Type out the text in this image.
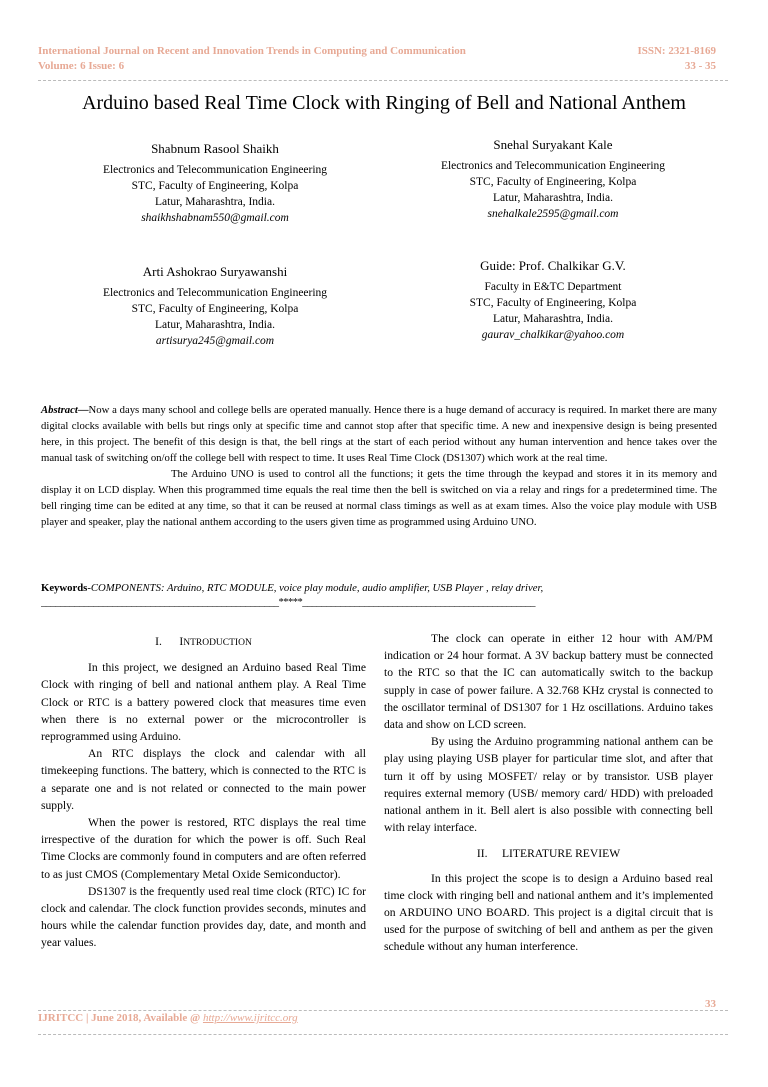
International Journal on Recent and Innovation Trends in Computing and Communication
Volume: 6 Issue: 6
ISSN: 2321-8169
33 - 35
Arduino based Real Time Clock with Ringing of Bell and National Anthem
Shabnum Rasool Shaikh
Electronics and Telecommunication Engineering
STC, Faculty of Engineering, Kolpa
Latur, Maharashtra, India.
shaikhshabnam550@gmail.com
Snehal Suryakant Kale
Electronics and Telecommunication Engineering
STC, Faculty of Engineering, Kolpa
Latur, Maharashtra, India.
snehalkale2595@gmail.com
Arti Ashokrao Suryawanshi
Electronics and Telecommunication Engineering
STC, Faculty of Engineering, Kolpa
Latur, Maharashtra, India.
artisurya245@gmail.com
Guide: Prof. Chalkikar G.V.
Faculty in E&TC Department
STC, Faculty of Engineering, Kolpa
Latur, Maharashtra, India.
gaurav_chalkikar@yahoo.com
Abstract—Now a days many school and college bells are operated manually. Hence there is a huge demand of accuracy is required. In market there are many digital clocks available with bells but rings only at specific time and cannot stop after that specific time. A new and inexpensive design is being presented here, in this project. The benefit of this design is that, the bell rings at the start of each period without any human intervention and hence takes over the manual task of switching on/off the college bell with respect to time. It uses Real Time Clock (DS1307) which work at the real time.
The Arduino UNO is used to control all the functions; it gets the time through the keypad and stores it in its memory and display it on LCD display. When this programmed time equals the real time then the bell is switched on via a relay and rings for a predetermined time. The bell ringing time can be edited at any time, so that it can be reused at normal class timings as well as at exam times. Also the voice play module with USB player and speaker, play the national anthem according to the users given time as programmed using Arduino UNO.
Keywords-COMPONENTS: Arduino, RTC MODULE, voice play module, audio amplifier, USB Player , relay driver,
__________________________________________________*****_________________________________________________
I. INTRODUCTION

In this project, we designed an Arduino based Real Time Clock with ringing of bell and national anthem play. A Real Time Clock or RTC is a battery powered clock that measures time even when there is no external power or the microcontroller is reprogrammed using Arduino.

An RTC displays the clock and calendar with all timekeeping functions. The battery, which is connected to the RTC is a separate one and is not related or connected to the main power supply.

When the power is restored, RTC displays the real time irrespective of the duration for which the power is off. Such Real Time Clocks are commonly found in computers and are often referred to as just CMOS (Complementary Metal Oxide Semiconductor).

DS1307 is the frequently used real time clock (RTC) IC for clock and calendar. The clock function provides seconds, minutes and hours while the calendar function provides day, date, and month and year values.

The clock can operate in either 12 hour with AM/PM indication or 24 hour format. A 3V backup battery must be connected to the RTC so that the IC can automatically switch to the backup supply in case of power failure. A 32.768 KHz crystal is connected to the oscillator terminal of DS1307 for 1 Hz oscillations. Arduino takes data and show on LCD screen.

By using the Arduino programming national anthem can be play using playing USB player for particular time slot, and after that turn it off by using MOSFET/ relay or by transistor. USB player requires external memory (USB/ memory card/ HDD) with preloaded national anthem in it. Bell alert is also possible with connecting bell with relay interface.

II. LITERATURE REVIEW

In this project the scope is to design a Arduino based real time clock with ringing bell and national anthem and it’s implemented on ARDUINO UNO BOARD. This project is a digital circuit that is used for the purpose of switching of bell and anthem as per the given schedule without any human interference.

33
IJRITCC | June 2018, Available @ http://www.ijritcc.org
